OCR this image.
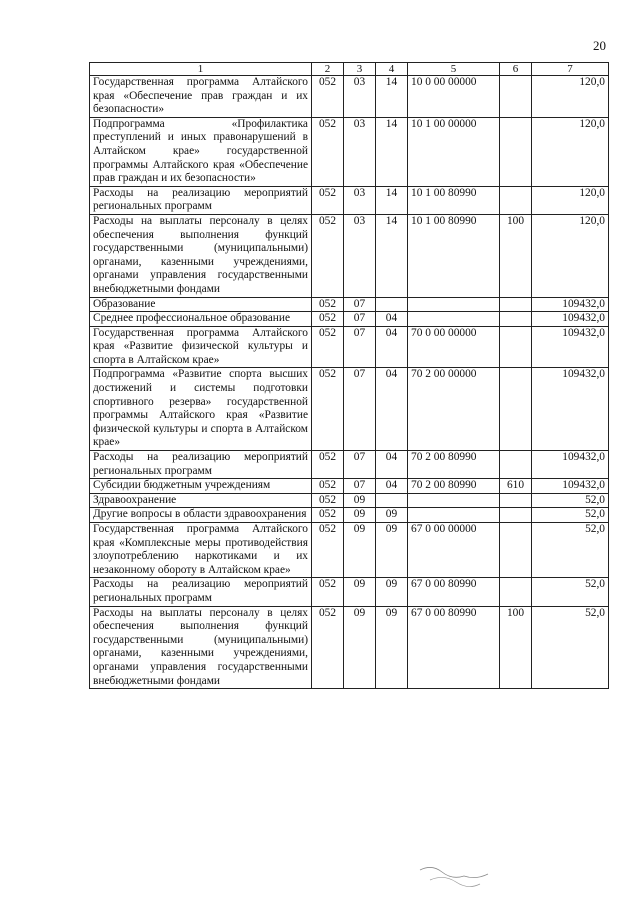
20
1	2	3	4	5	6	7
Государственная программа Алтайского края «Обеспечение прав граждан и их безопасности»	052	03	14	10 0 00 00000		120,0
Подпрограмма «Профилактика преступлений и иных правонарушений в Алтайском крае» государственной программы Алтайского края «Обеспечение прав граждан и их безопасности»	052	03	14	10 1 00 00000		120,0
Расходы на реализацию мероприятий региональных программ	052	03	14	10 1 00 80990		120,0
Расходы на выплаты персоналу в целях обеспечения выполнения функций государственными (муниципальными) органами, казенными учреждениями, органами управления государственными внебюджетными фондами	052	03	14	10 1 00 80990	100	120,0
Образование	052	07				109432,0
Среднее профессиональное образование	052	07	04			109432,0
Государственная программа Алтайского края «Развитие физической культуры и спорта в Алтайском крае»	052	07	04	70 0 00 00000		109432,0
Подпрограмма «Развитие спорта высших достижений и системы подготовки спортивного резерва» государственной программы Алтайского края «Развитие физической культуры и спорта в Алтайском крае»	052	07	04	70 2 00 00000		109432,0
Расходы на реализацию мероприятий региональных программ	052	07	04	70 2 00 80990		109432,0
Субсидии бюджетным учреждениям	052	07	04	70 2 00 80990	610	109432,0
Здравоохранение	052	09				52,0
Другие вопросы в области здравоохранения	052	09	09			52,0
Государственная программа Алтайского края «Комплексные меры противодействия злоупотреблению наркотиками и их незаконному обороту в Алтайском крае»	052	09	09	67 0 00 00000		52,0
Расходы на реализацию мероприятий региональных программ	052	09	09	67 0 00 80990		52,0
Расходы на выплаты персоналу в целях обеспечения выполнения функций государственными (муниципальными) органами, казенными учреждениями, органами управления государственными внебюджетными фондами	052	09	09	67 0 00 80990	100	52,0
